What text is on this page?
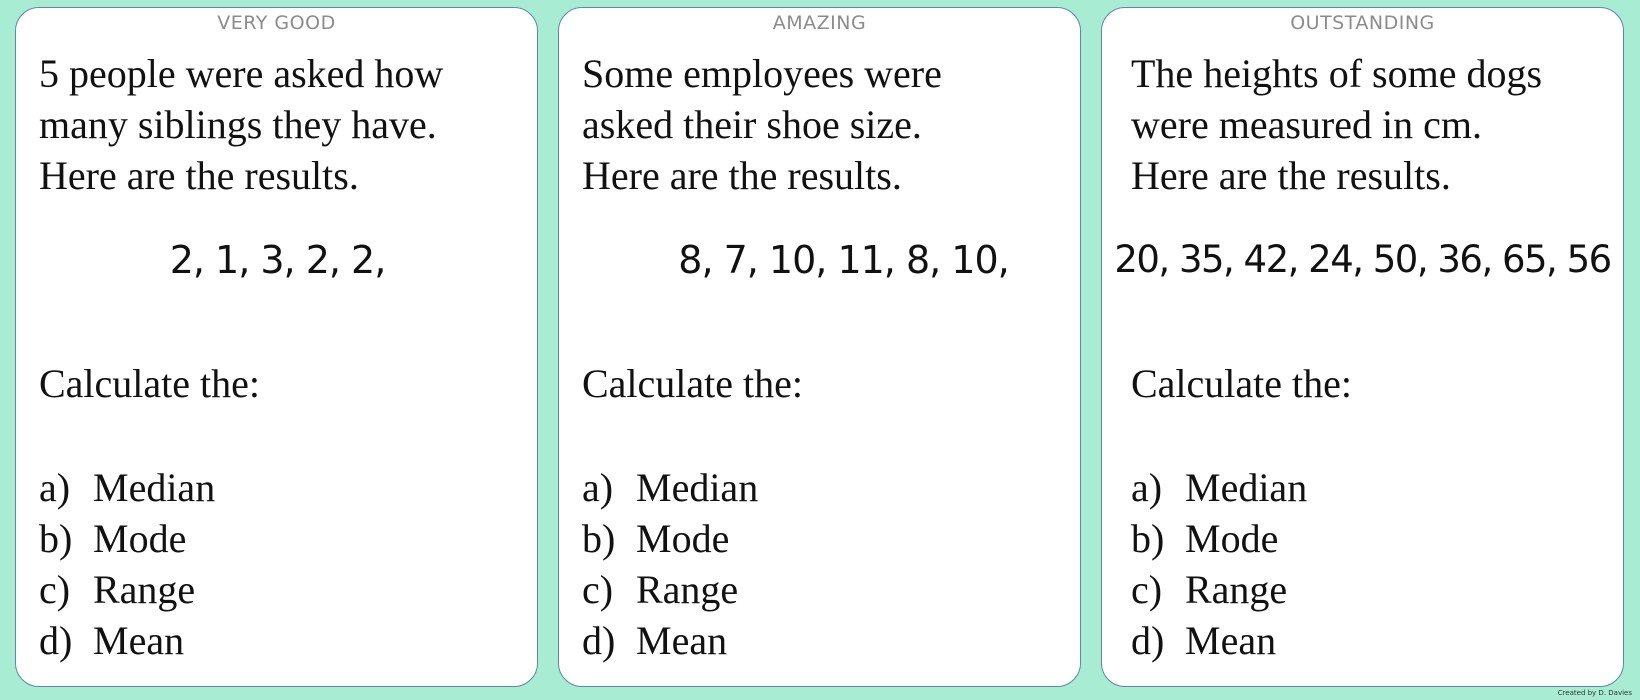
VERY GOOD
5 people were asked how
many siblings they have.
Here are the results.
2, 1, 3, 2, 2,
Calculate the:
a) Median
b) Mode
c) Range
d) Mean
AMAZING
Some employees were
asked their shoe size.
Here are the results.
8, 7, 10, 11, 8, 10,
Calculate the:
a) Median
b) Mode
c) Range
d) Mean
OUTSTANDING
The heights of some dogs
were measured in cm.
Here are the results.
20, 35, 42, 24, 50, 36, 65, 56
Calculate the:
a) Median
b) Mode
c) Range
d) Mean
Created by D. Davies
